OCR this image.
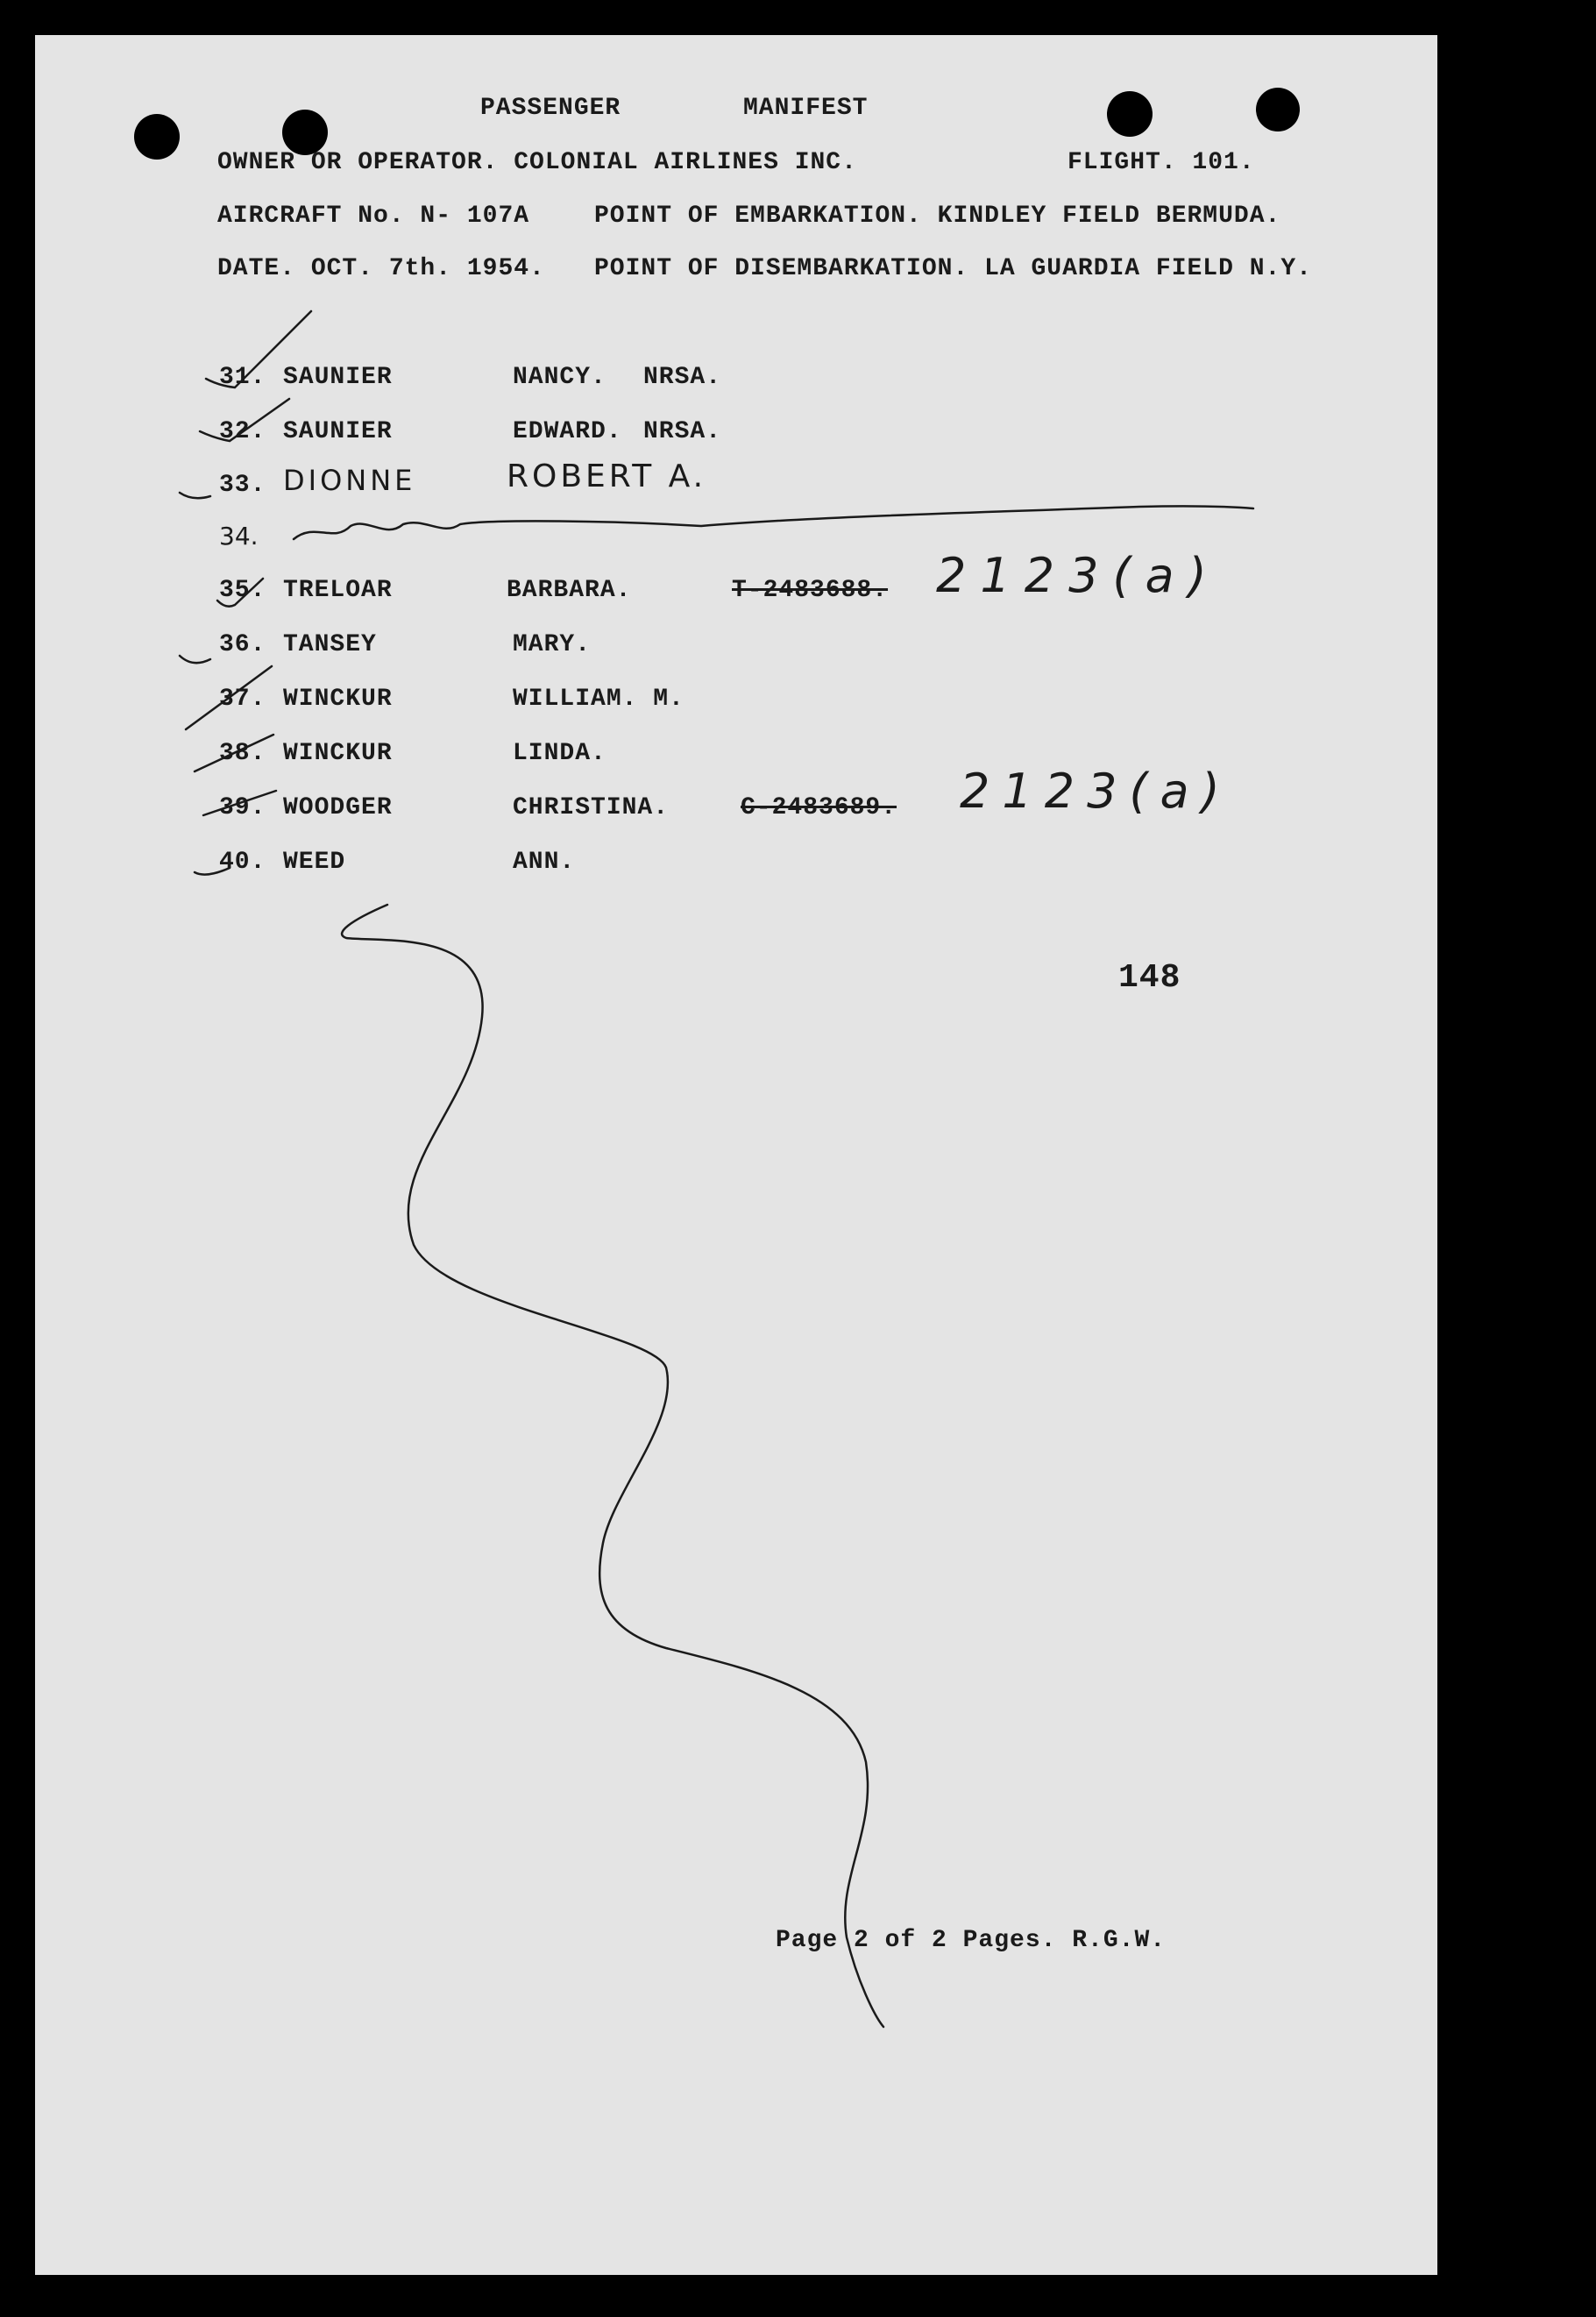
PASSENGER	MANIFEST
OWNER OR OPERATOR. COLONIAL AIRLINES INC.	FLIGHT. 101.
AIRCRAFT No. N- 107A	POINT OF EMBARKATION. KINDLEY FIELD BERMUDA.
DATE. OCT. 7th. 1954. POINT OF DISEMBARKATION. LA GUARDIA FIELD N.Y.
31. SAUNIER	NANCY. NRSA.
32. SAUNIER	EDWARD. NRSA.
33. DIONNE	ROBERT A.
34.
35. TRELOAR	BARBARA.	T-2483688. 2123(a)
36. TANSEY	MARY.
37. WINCKUR	WILLIAM. M.
38. WINCKUR	LINDA.
39. WOODGER	CHRISTINA.	C-2483689. 2123(a)
40. WEED	ANN.
148
Page 2 of 2 Pages. R.G.W.
